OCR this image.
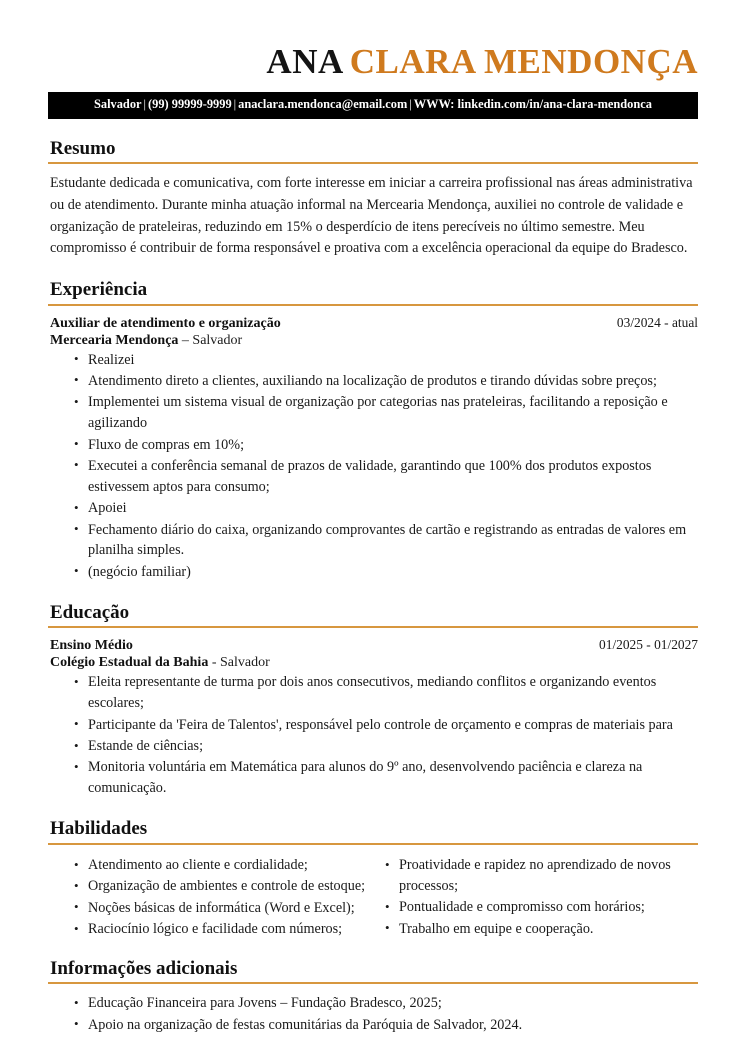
ANA CLARA MENDONÇA
Salvador | (99) 99999-9999 | anaclara.mendonca@email.com | WWW: linkedin.com/in/ana-clara-mendonca
Resumo

Estudante dedicada e comunicativa, com forte interesse em iniciar a carreira profissional nas áreas administrativa ou de atendimento. Durante minha atuação informal na Mercearia Mendonça, auxiliei no controle de validade e organização de prateleiras, reduzindo em 15% o desperdício de itens perecíveis no último semestre. Meu compromisso é contribuir de forma responsável e proativa com a excelência operacional da equipe do Bradesco.

Experiência
Auxiliar de atendimento e organização	03/2024 - atual
Mercearia Mendonça – Salvador
• Realizei
• Atendimento direto a clientes, auxiliando na localização de produtos e tirando dúvidas sobre preços;
• Implementei um sistema visual de organização por categorias nas prateleiras, facilitando a reposição e agilizando
• Fluxo de compras em 10%;
• Executei a conferência semanal de prazos de validade, garantindo que 100% dos produtos expostos estivessem aptos para consumo;
• Apoiei
• Fechamento diário do caixa, organizando comprovantes de cartão e registrando as entradas de valores em planilha simples.
• (negócio familiar)
Educação
Ensino Médio	01/2025 - 01/2027
Colégio Estadual da Bahia - Salvador
• Eleita representante de turma por dois anos consecutivos, mediando conflitos e organizando eventos escolares;
• Participante da 'Feira de Talentos', responsável pelo controle de orçamento e compras de materiais para
• Estande de ciências;
• Monitoria voluntária em Matemática para alunos do 9º ano, desenvolvendo paciência e clareza na comunicação.
Habilidades
• Atendimento ao cliente e cordialidade;
• Organização de ambientes e controle de estoque;
• Noções básicas de informática (Word e Excel);
• Raciocínio lógico e facilidade com números;
• Proatividade e rapidez no aprendizado de novos processos;
• Pontualidade e compromisso com horários;
• Trabalho em equipe e cooperação.
Informações adicionais
• Educação Financeira para Jovens – Fundação Bradesco, 2025;
• Apoio na organização de festas comunitárias da Paróquia de Salvador, 2024.
